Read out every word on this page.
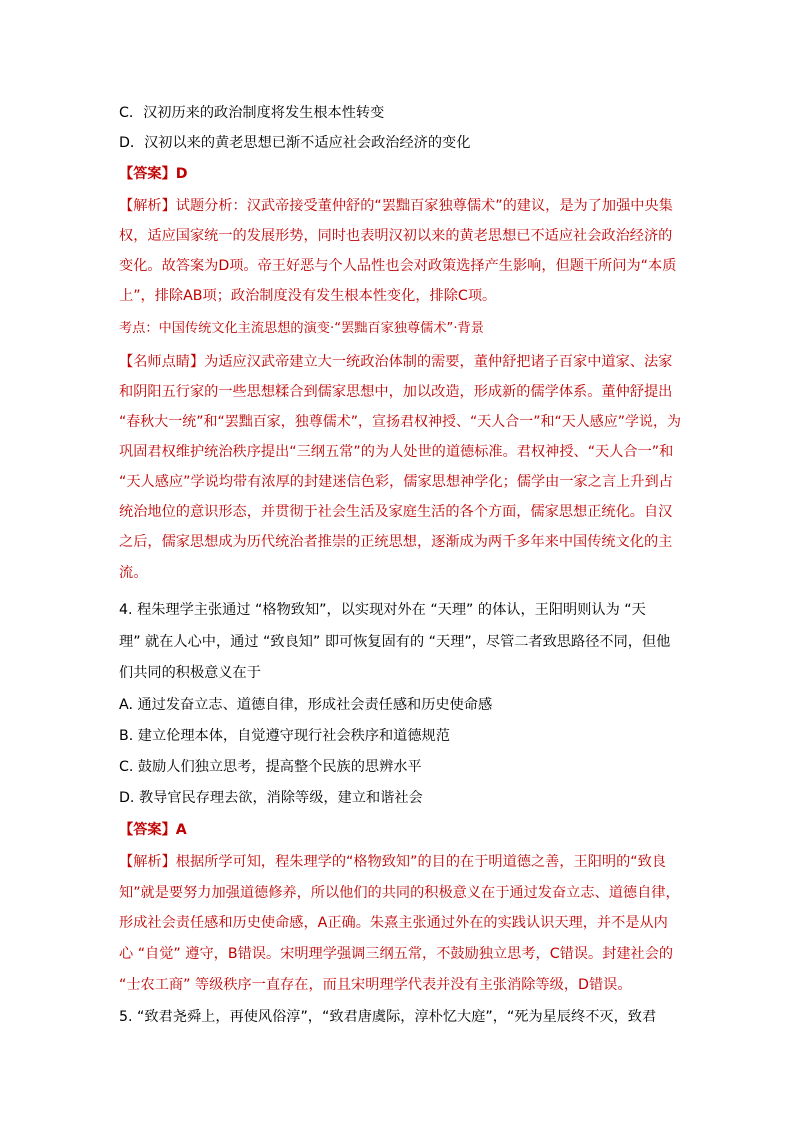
C．汉初历来的政治制度将发生根本性转变
D．汉初以来的黄老思想已渐不适应社会政治经济的变化
【答案】D
【解析】试题分析：汉武帝接受董仲舒的“罢黜百家独尊儒术”的建议，是为了加强中央集
权，适应国家统一的发展形势，同时也表明汉初以来的黄老思想已不适应社会政治经济的
变化。故答案为D项。帝王好恶与个人品性也会对政策选择产生影响，但题干所问为“本质
上”，排除AB项；政治制度没有发生根本性变化，排除C项。
考点：中国传统文化主流思想的演变·“罢黜百家独尊儒术”·背景
【名师点睛】为适应汉武帝建立大一统政治体制的需要，董仲舒把诸子百家中道家、法家
和阴阳五行家的一些思想糅合到儒家思想中，加以改造，形成新的儒学体系。董仲舒提出
“春秋大一统”和“罢黜百家，独尊儒术”，宣扬君权神授、“天人合一”和“天人感应”学说，为
巩固君权维护统治秩序提出“三纲五常”的为人处世的道德标准。君权神授、“天人合一”和
“天人感应”学说均带有浓厚的封建迷信色彩，儒家思想神学化；儒学由一家之言上升到占
统治地位的意识形态，并贯彻于社会生活及家庭生活的各个方面，儒家思想正统化。自汉
之后，儒家思想成为历代统治者推崇的正统思想，逐渐成为两千多年来中国传统文化的主
流。
4. 程朱理学主张通过 “格物致知”，以实现对外在 “天理” 的体认，王阳明则认为 “天
理” 就在人心中，通过 “致良知” 即可恢复固有的 “天理”，尽管二者致思路径不同，但他
们共同的积极意义在于
A. 通过发奋立志、道德自律，形成社会责任感和历史使命感
B. 建立伦理本体，自觉遵守现行社会秩序和道德规范
C. 鼓励人们独立思考，提高整个民族的思辨水平
D. 教导官民存理去欲，消除等级，建立和谐社会
【答案】A
【解析】根据所学可知，程朱理学的“格物致知”的目的在于明道德之善，王阳明的“致良
知”就是要努力加强道德修养，所以他们的共同的积极意义在于通过发奋立志、道德自律，
形成社会责任感和历史使命感，A正确。朱熹主张通过外在的实践认识天理，并不是从内
心 “自觉” 遵守，B错误。宋明理学强调三纲五常，不鼓励独立思考，C错误。封建社会的
“士农工商” 等级秩序一直存在，而且宋明理学代表并没有主张消除等级，D错误。
5. “致君尧舜上，再使风俗淳”，“致君唐虞际，淳朴忆大庭”，“死为星辰终不灭，致君
